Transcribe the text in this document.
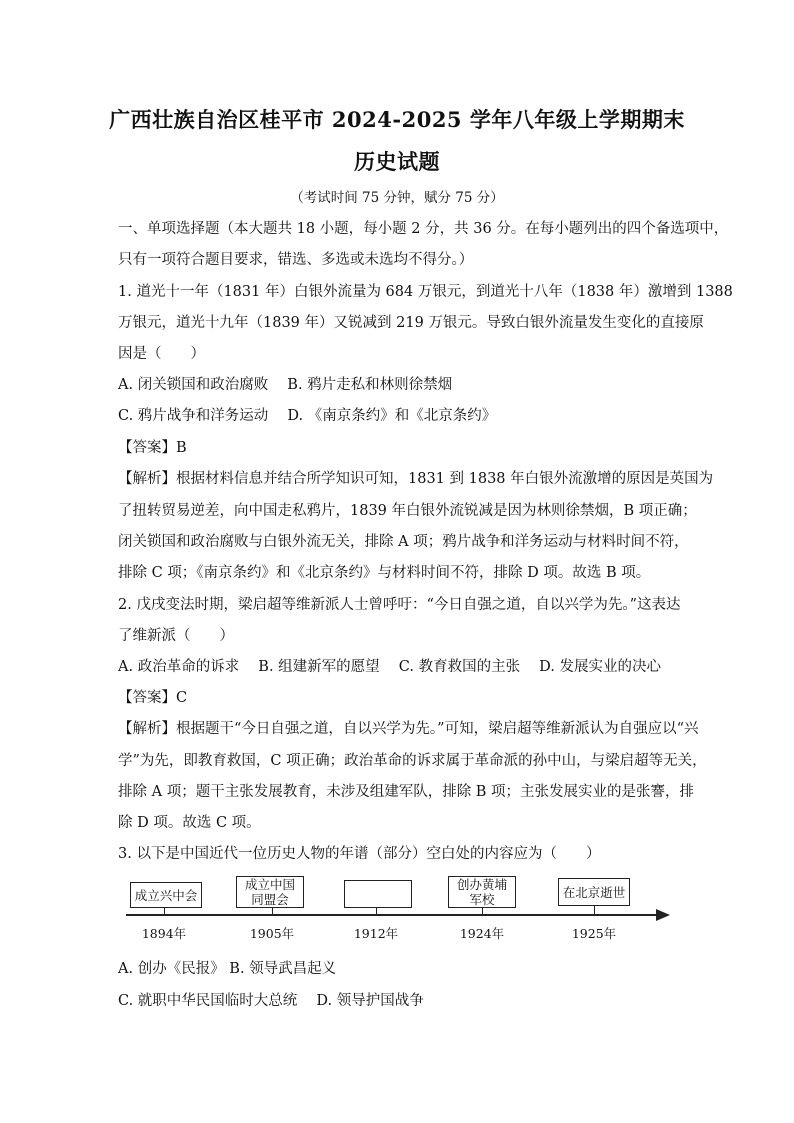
广西壮族自治区桂平市 2024-2025 学年八年级上学期期末
历史试题
（考试时间 75 分钟，赋分 75 分）
一、单项选择题（本大题共 18 小题，每小题 2 分，共 36 分。在每小题列出的四个备选项中，
只有一项符合题目要求，错选、多选或未选均不得分。）
1. 道光十一年（1831 年）白银外流量为 684 万银元，到道光十八年（1838 年）激增到 1388
万银元，道光十九年（1839 年）又锐减到 219 万银元。导致白银外流量发生变化的直接原
因是（　　）
A. 闭关锁国和政治腐败　 B. 鸦片走私和林则徐禁烟
C. 鸦片战争和洋务运动　 D. 《南京条约》和《北京条约》
【答案】B
【解析】根据材料信息并结合所学知识可知，1831 到 1838 年白银外流激增的原因是英国为
了扭转贸易逆差，向中国走私鸦片，1839 年白银外流锐减是因为林则徐禁烟，B 项正确；
闭关锁国和政治腐败与白银外流无关，排除 A 项；鸦片战争和洋务运动与材料时间不符，
排除 C 项；《南京条约》和《北京条约》与材料时间不符，排除 D 项。故选 B 项。
2. 戊戌变法时期，梁启超等维新派人士曾呼吁：“今日自强之道，自以兴学为先。”这表达
了维新派（　　）
A. 政治革命的诉求　 B. 组建新军的愿望　 C. 教育救国的主张　 D. 发展实业的决心
【答案】C
【解析】根据题干“今日自强之道，自以兴学为先。”可知，梁启超等维新派认为自强应以“兴
学”为先，即教育救国，C 项正确；政治革命的诉求属于革命派的孙中山，与梁启超等无关，
排除 A 项；题干主张发展教育，未涉及组建军队，排除 B 项；主张发展实业的是张謇，排
除 D 项。故选 C 项。
3. 以下是中国近代一位历史人物的年谱（部分）空白处的内容应为（　　）
成立兴中会
成立中国
同盟会
创办黄埔
军校	在北京逝世
1894年	1905年	1912年	1924年	1925年
A. 创办《民报》 B. 领导武昌起义
C. 就职中华民国临时大总统　 D. 领导护国战争
